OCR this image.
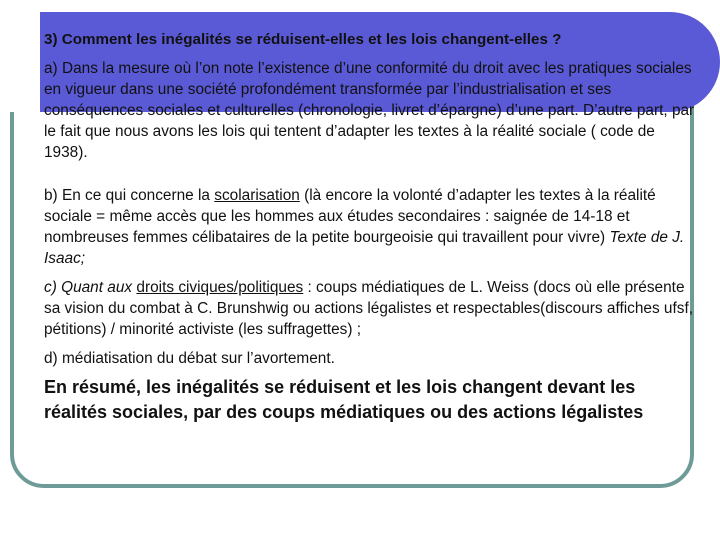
3) Comment les inégalités se réduisent-elles et les lois changent-elles ?

a) Dans la mesure où l’on note l’existence d’une conformité du droit avec les pratiques sociales en vigueur dans une société profondément transformée par l’industrialisation et ses conséquences sociales et culturelles (chronologie, livret d’épargne) d’une part. D’autre part, par le fait que nous avons les lois qui tentent d’adapter les textes à la réalité sociale ( code de 1938).

b) En ce qui concerne la scolarisation (là encore la volonté d’adapter les textes à la réalité sociale = même accès que les hommes aux études secondaires : saignée de 14-18 et nombreuses femmes célibataires de la petite bourgeoisie qui travaillent pour vivre) Texte de J. Isaac;

c) Quant aux droits civiques/politiques : coups médiatiques de L. Weiss (docs où elle présente sa vision du combat à C. Brunshwig ou actions légalistes et respectables(discours affiches ufsf, pétitions) / minorité activiste (les suffragettes) ;

d) médiatisation du débat sur l’avortement.

En résumé, les inégalités se réduisent et les lois changent devant les réalités sociales, par des coups médiatiques ou des actions légalistes
